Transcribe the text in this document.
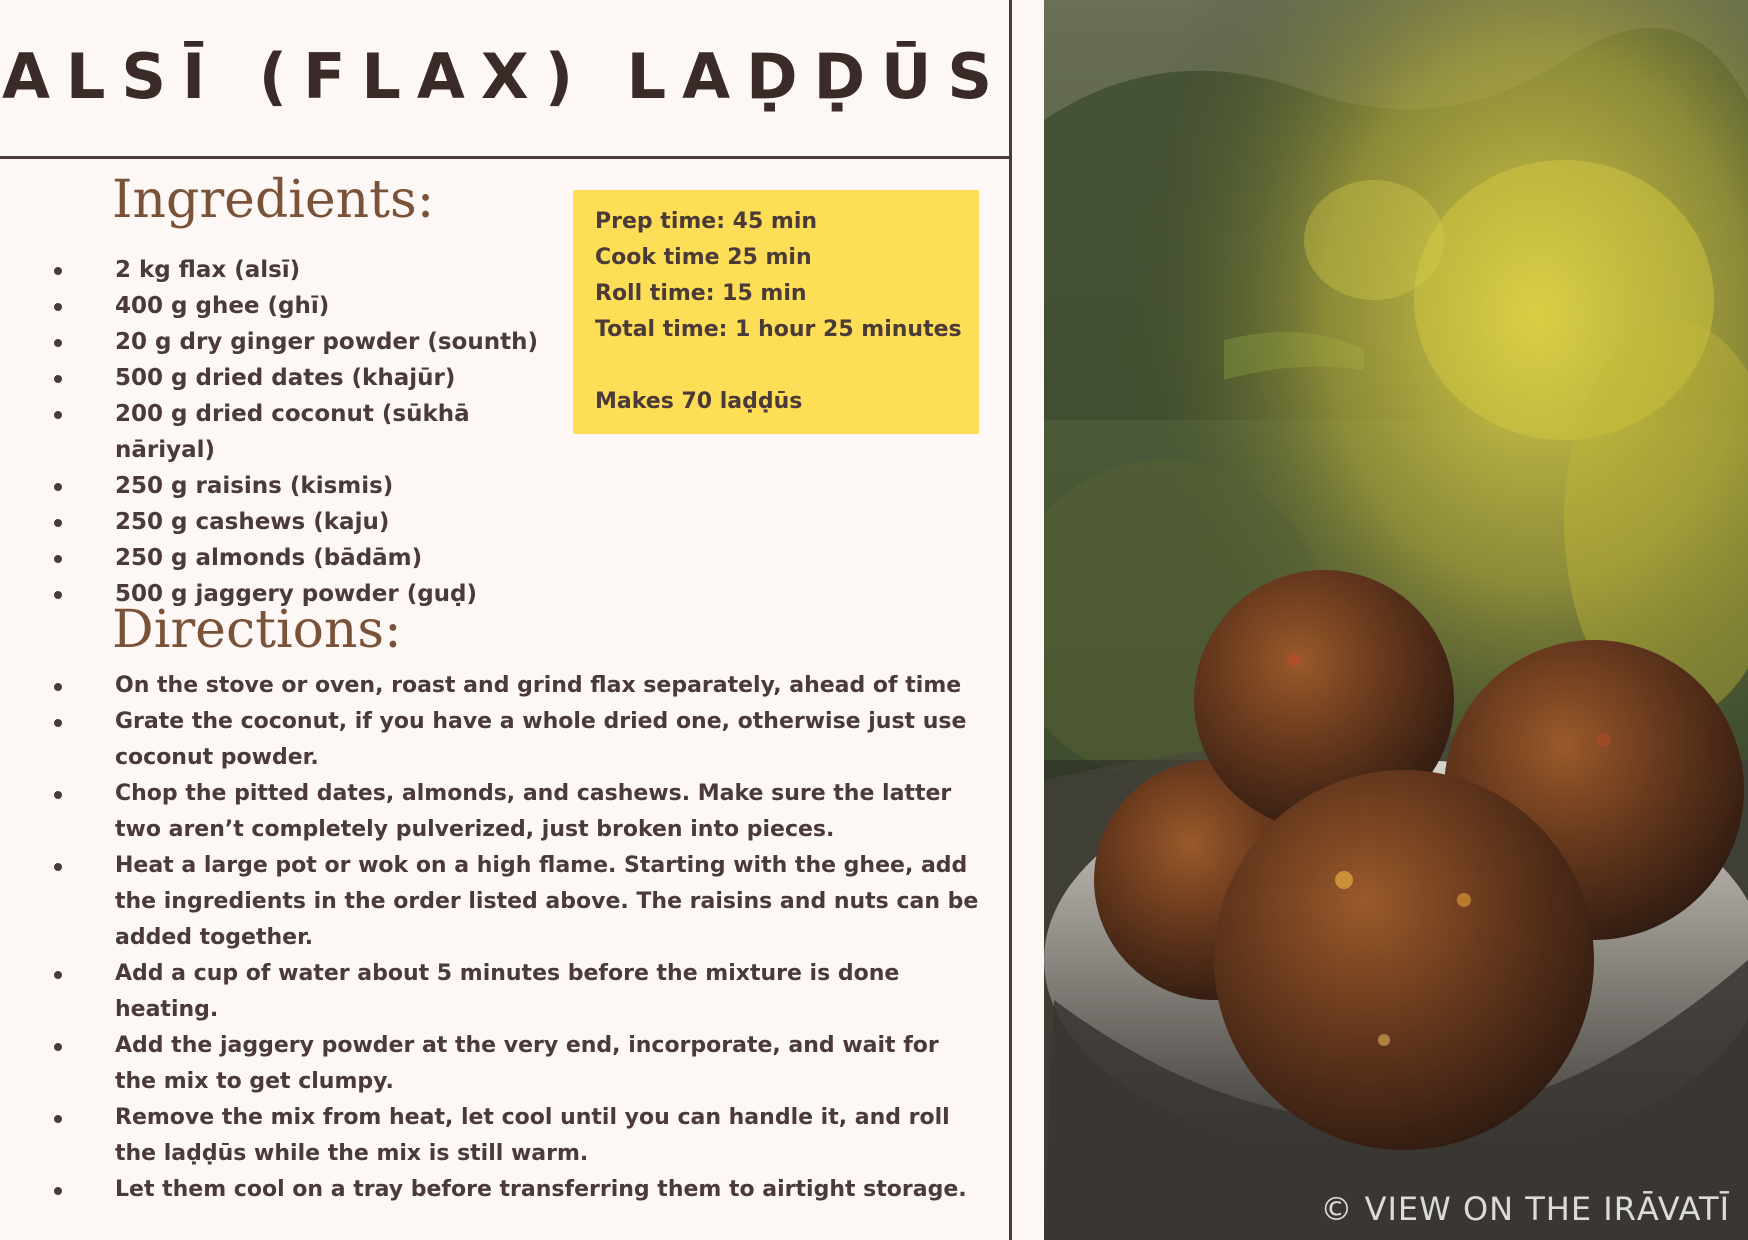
ALSĪ (FLAX) LAḌḌŪS
Ingredients:
2 kg flax (alsī)
400 g ghee (ghī)
20 g dry ginger powder (sounth)
500 g dried dates (khajūr)
200 g dried coconut (sūkhā nāriyal)
250 g raisins (kismis)
250 g cashews (kaju)
250 g almonds (bādām)
500 g jaggery powder (guḍ)
Prep time: 45 min
Cook time 25 min
Roll time: 15 min
Total time: 1 hour 25 minutes
Makes 70 laḍḍūs
Directions:
On the stove or oven, roast and grind flax separately, ahead of time
Grate the coconut, if you have a whole dried one, otherwise just use coconut powder.
Chop the pitted dates, almonds, and cashews. Make sure the latter two aren’t completely pulverized, just broken into pieces.
Heat a large pot or wok on a high flame. Starting with the ghee, add the ingredients in the order listed above. The raisins and nuts can be added together.
Add a cup of water about 5 minutes before the mixture is done heating.
Add the jaggery powder at the very end, incorporate, and wait for the mix to get clumpy.
Remove the mix from heat, let cool until you can handle it, and roll the laḍḍūs while the mix is still warm.
Let them cool on a tray before transferring them to airtight storage.
© VIEW ON THE IRĀVATĪ
